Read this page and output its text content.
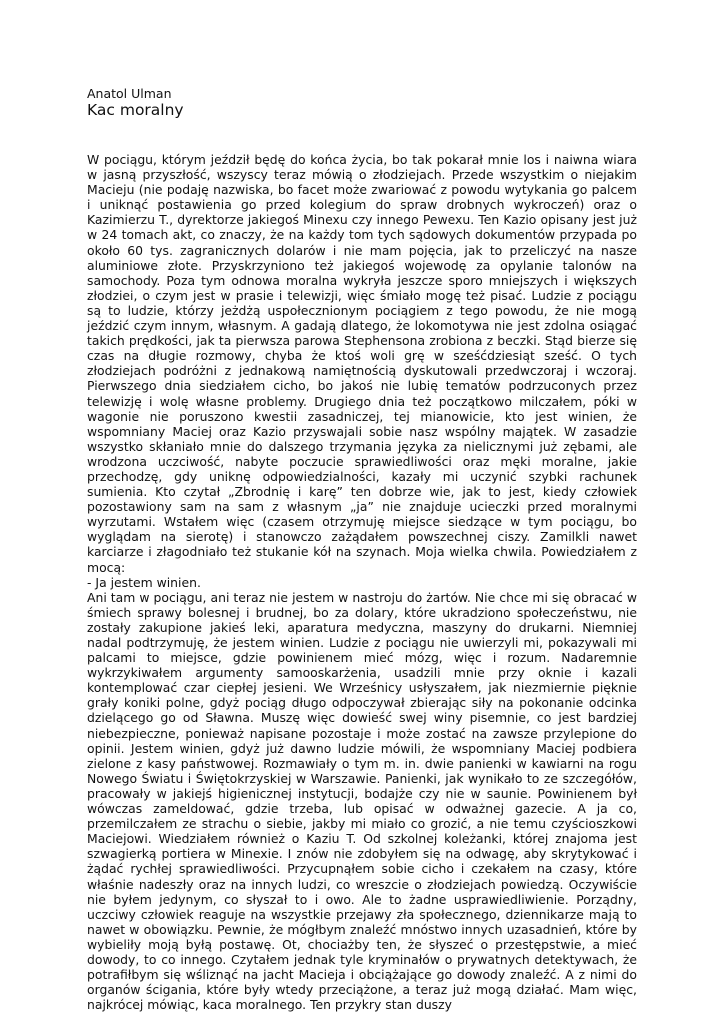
Anatol Ulman

Kac moralny

W pociągu, którym jeździł będę do końca życia, bo tak pokarał mnie los i naiwna wiara w jasną przyszłość, wszyscy teraz mówią o złodziejach. Przede wszystkim o niejakim Macieju (nie podaję nazwiska, bo facet może zwariować z powodu wytykania go palcem i uniknąć postawienia go przed kolegium do spraw drobnych wykroczeń) oraz o Kazimierzu T., dyrektorze jakiegoś Minexu czy innego Pewexu. Ten Kazio opisany jest już w 24 tomach akt, co znaczy, że na każdy tom tych sądowych dokumentów przypada po około 60 tys. zagranicznych dolarów i nie mam pojęcia, jak to przeliczyć na nasze aluminiowe złote. Przyskrzyniono też jakiegoś wojewodę za opylanie talonów na samochody. Poza tym odnowa moralna wykryła jeszcze sporo mniejszych i większych złodziei, o czym jest w prasie i telewizji, więc śmiało mogę też pisać. Ludzie z pociągu są to ludzie, którzy jeżdżą uspołecznionym pociągiem z tego powodu, że nie mogą jeździć czym innym, własnym. A gadają dlatego, że lokomotywa nie jest zdolna osiągać takich prędkości, jak ta pierwsza parowa Stephensona zrobiona z beczki. Stąd bierze się czas na długie rozmowy, chyba że ktoś woli grę w sześćdziesiąt sześć. O tych złodziejach podróżni z jednakową namiętnością dyskutowali przedwczoraj i wczoraj. Pierwszego dnia siedziałem cicho, bo jakoś nie lubię tematów podrzuconych przez telewizję i wolę własne problemy. Drugiego dnia też początkowo milczałem, póki w wagonie nie poruszono kwestii zasadniczej, tej mianowicie, kto jest winien, że wspomniany Maciej oraz Kazio przyswajali sobie nasz wspólny majątek. W zasadzie wszystko skłaniało mnie do dalszego trzymania języka za nielicznymi już zębami, ale wrodzona uczciwość, nabyte poczucie sprawiedliwości oraz męki moralne, jakie przechodzę, gdy uniknę odpowiedzialności, kazały mi uczynić szybki rachunek sumienia. Kto czytał „Zbrodnię i karę” ten dobrze wie, jak to jest, kiedy człowiek pozostawiony sam na sam z własnym „ja” nie znajduje ucieczki przed moralnymi wyrzutami. Wstałem więc (czasem otrzymuję miejsce siedzące w tym pociągu, bo wyglądam na sierotę) i stanowczo zażądałem powszechnej ciszy. Zamilkli nawet karciarze i złagodniało też stukanie kół na szynach. Moja wielka chwila. Powiedziałem z mocą:

- Ja jestem winien.

Ani tam w pociągu, ani teraz nie jestem w nastroju do żartów. Nie chce mi się obracać w śmiech sprawy bolesnej i brudnej, bo za dolary, które ukradziono społeczeństwu, nie zostały zakupione jakieś leki, aparatura medyczna, maszyny do drukarni. Niemniej nadal podtrzymuję, że jestem winien. Ludzie z pociągu nie uwierzyli mi, pokazywali mi palcami to miejsce, gdzie powinienem mieć mózg, więc i rozum. Nadaremnie wykrzykiwałem argumenty samooskarżenia, usadzili mnie przy oknie i kazali kontemplować czar ciepłej jesieni. We Wrześnicy usłyszałem, jak niezmiernie pięknie grały koniki polne, gdyż pociąg długo odpoczywał zbierając siły na pokonanie odcinka dzielącego go od Sławna. Muszę więc dowieść swej winy pisemnie, co jest bardziej niebezpieczne, ponieważ napisane pozostaje i może zostać na zawsze przylepione do opinii. Jestem winien, gdyż już dawno ludzie mówili, że wspomniany Maciej podbiera zielone z kasy państwowej. Rozmawiały o tym m. in. dwie panienki w kawiarni na rogu Nowego Światu i Świętokrzyskiej w Warszawie. Panienki, jak wynikało to ze szczegółów, pracowały w jakiejś higienicznej instytucji, bodajże czy nie w saunie. Powinienem był wówczas zameldować, gdzie trzeba, lub opisać w odważnej gazecie. A ja co, przemilczałem ze strachu o siebie, jakby mi miało co grozić, a nie temu czyścioszkowi Maciejowi. Wiedziałem również o Kaziu T. Od szkolnej koleżanki, której znajoma jest szwagierką portiera w Minexie. I znów nie zdobyłem się na odwagę, aby skrytykować i żądać rychłej sprawiedliwości. Przycupnąłem sobie cicho i czekałem na czasy, które właśnie nadeszły oraz na innych ludzi, co wreszcie o złodziejach powiedzą. Oczywiście nie byłem jedynym, co słyszał to i owo. Ale to żadne usprawiedliwienie. Porządny, uczciwy człowiek reaguje na wszystkie przejawy zła społecznego, dziennikarze mają to nawet w obowiązku. Pewnie, że mógłbym znaleźć mnóstwo innych uzasadnień, które by wybieliły moją byłą postawę. Ot, chociażby ten, że słyszeć o przestępstwie, a mieć dowody, to co innego. Czytałem jednak tyle kryminałów o prywatnych detektywach, że potrafiłbym się wśliznąć na jacht Macieja i obciążające go dowody znaleźć. A z nimi do organów ścigania, które były wtedy przeciążone, a teraz już mogą działać. Mam więc, najkrócej mówiąc, kaca moralnego. Ten przykry stan duszy
